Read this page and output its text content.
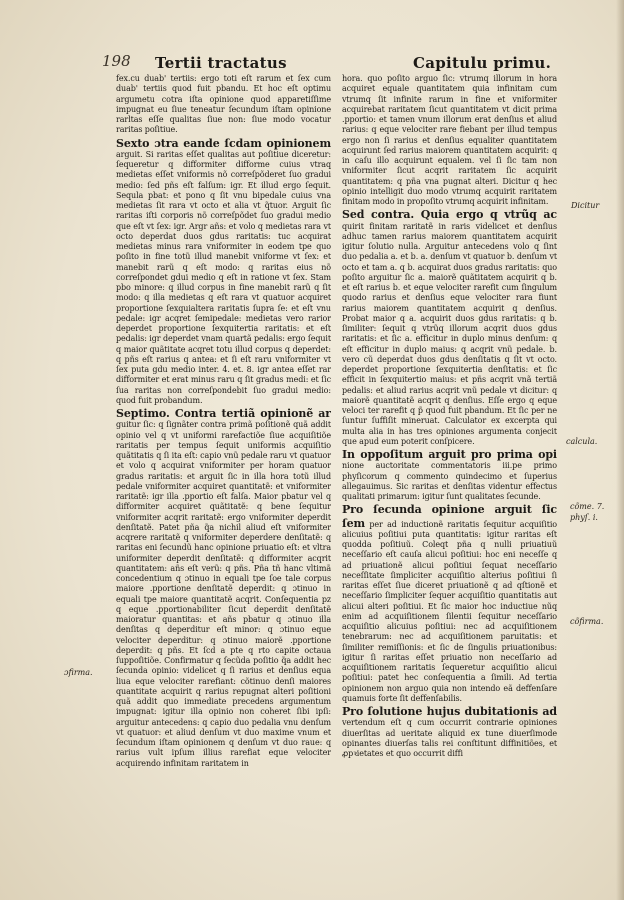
198 Tertii tractatus	Capitulu primu.

fex.cu duab' tertiis: ergo toti eſt rarum et ſex cum duab' tertiis quod fuit pbandu. Et hoc eſt optimu argumetu cotra iſta opinione quod apparetiſſime impugnat eu ſiue teneatur ſecundum iſtam opinione rarltas eſſe qualitas ſiue non: ſiue modo vocatur raritas poſitiue.

Sexto ɔtra eande ſcdam opinionem arguit. Si raritas eſſet qualitas aut poſitiue diceretur: ſequeretur q difformiter difforme cuius vtraq medietas eſſet vniformis nõ correſpõderet ſuo gradui medio: ſed pñs eſt falſum: igr. Et illud ergo ſequit. Sequla pbat: et pono q ſit vnu bipedale cuius vna medietas ſit rara vt octo et alia vt q̃tuor. Arguit ſic raritas iſti corporis nõ correſpõdet ſuo gradui medio que eſt vt ſex: igr. Argr añs: et volo q medietas rara vt octo deperdat duos gdus raritatis: tuc acquirat medietas minus rara vniformiter in eodem tpe quo poſito in fine totũ illud manebit vniforme vt ſex: et manebit rarũ q eſt modo: q raritas eius nõ correſpondet gdui medio q eſt in ratione vt ſex. Stam pbo minore: q illud corpus in fine manebit rarũ q ſit modo: q illa medietas q eſt rara vt quatuor acquiret proportione ſexquialtera raritatis ſupra ſe: et eſt vnu pedale: igr acqret ſemipedale: medietas vero rarior deperdet proportione ſexquitertia raritatis: et eſt pedalis: igr deperdet vnam quartã pedalis: ergo ſequit q maior quãtitate acqret totu illud corpus q deperdet: q pñs eſt rarius q antea: et ſi eſt raru vniformiter vt ſex puta gdu medio inter. 4. et. 8. igr antea eſſet rar difformiter et erat minus raru q ſit gradus medi: et ſic ſua raritas non correſpondebit ſuo gradui medio: quod fuit probandum.

Septimo. Contra tertiã opinionẽ ar guitur ſic: q ſignãter contra primã poſitionẽ quã addit opinio vel q vt uniformi rarefactiõe ſiue acquiſitiõe raritatis per tempus ſequit uniformis acquiſitio quãtitatis q ſi ita eſt: capio vnũ pedale raru vt quatuor et volo q acquirat vniformiter per horam quatuor gradus raritatis: et arguit ſic in illa hora totũ illud pedale vniformiter acquiret quantitatẽ: et vniformiter raritatẽ: igr illa .pportio eſt falſa. Maior pbatur vel q difformiter acquiret quãtitatẽ: q bene ſequitur vniformiter acqrit raritatẽ: ergo vniformiter deperdit denſitatẽ. Patet pña q̃a nichil aliud eſt vniformiter acqrere raritatẽ q vniformiter deperdere denſitatẽ: q raritas eni ſecundũ hanc opinione priuatio eſt: et vltra uniformiter deperdit denſitatẽ: q difformiter acqrit quantitatem: añs eſt verũ: q pñs. Pña tñ hanc vltimã concedentium q ɔtinuo in equali tpe ſoe tale corpus maiore .pportione denſitatẽ deperdit: q ɔtinuo in equali tpe maiore quantitatẽ acqrit. Conſequentia pz q eque .pportionabiliter ſicut deperdit denſitatẽ maioratur quantitas: et añs pbatur q ɔtinuo illa denſitas q deperditur eſt minor: q ɔtinuo eque velociter deperditur: q ɔtinuo maiorẽ .pportione deperdit: q pñs. Et ſcd a pte q rto capite octaua ſuppoſitiõe. Confirmatur q ſecũda poſitio q̃a addit hec ſecunda opinio: videlicet q ſi rarius et denſius equa liua eque velociter rarefiant: cõtinuo denſi maiores quantitate acquirit q rarius repugnat alteri poſitioni quã addit quo immediate precedens argumentum impugnat: igitur illa opinio non coheret ſibi ipſi: arguitur antecedens: q capio duo pedalia vnu denſum vt quatuor: et aliud denſum vt duo maxime vnum et ſecundum iſtam opinionem q denſum vt duo raue: q rarius vult ipſum illius rarefiat eque velociter acquirendo infinitam raritatem in

hora. quo poſito arguo ſic: vtrumq illorum in hora acquiret equale quantitatem quia infinitam cum vtrumq ſit infinite rarum in fine et vniformiter acquirebat raritatem ſicut quantitatem vt dicit prima .pportio: et tamen vnum illorum erat denſius et aliud rarius: q eque velociter rare fiebant per illud tempus ergo non ſi rarius et denſius equaliter quantitatem acquirunt ſed rarius maiorem quantitatem acquirit: q in caſu illo acquirunt equalem. vel ſi ſic tam non vniformiter ſicut acqrit raritatem ſic acquirit quantitatem: q pña vna pugnat alteri. Dicitur q hec opinio intelligit duo modo vtrumq acquirit raritatem finitam modo in propoſito vtrumq acquirit infinitam.

Sed contra. Quia ergo q vtrũq ac quirit finitam raritatẽ in raris videlicet et denſius adhuc tamen rarius maiorem quantitatem acquirit igitur ſolutio nulla. Arguitur antecedens volo q ſint duo pedalia a. et b. a. denſum vt quatuor b. denſum vt octo et tam a. q b. acquirat duos gradus raritatis: quo poſito arguitur ſic a. maiorẽ quãtitatem acquirit q b. et eſt rarius b. et eque velociter rarefit cum ſingulum quodo rarius et denſius eque velociter rara fiunt rarius maiorem quantitatem acquirit q denſius. Probat maior q a. acquirit duos gdus raritatis: q b. ſimiliter: ſequit q vtrũq illorum acqrit duos gdus raritatis: et ſic a. efficitur in duplo minus denſum: q eſt efficitur in duplo maius: q acqrit vnũ pedale. b. vero cũ deperdat duos gdus denſitatis q ſit vt octo. deperdet proportione ſexquitertia denſitatis: et ſic efficit in ſexquitertio maius: et pñs acqrit vnã tertiã pedalis: et aliud rarius acqrit vnũ pedale vt dicitur: q maiorẽ quantitatẽ acqrit q denſius. Eſſe ergo q eque veloci ter rarefit q p̃ quod fuit pbandum. Et ſic per ne ſuntur ſuffiſit mineruat. Calculator ex excerpta qui multa alia in has tres opiniones argumenta conjecit que apud eum poterit conſpicere.

In oppoſitum arguit pro prima opi nione auctoritate commentatoris iii.pe primo phyſicorum q commento quindecimo et ſuperius allegauimus. Sic raritas et denſitas videntur effectus qualitati primarum: igitur ſunt qualitates ſecunde.

Pro ſecunda opinione arguit ſic ſem per ad inductionẽ raritatis ſequitur acquiſitio alicuius poſitiui puta quantitatis: igitur raritas eſt quodda poſitiuũ. Coleqt pña q nulli priuatiuũ neceſſario eſt cauſa alicui poſitiui: hoc eni neceſſe q ad priuationẽ alicui poſitiui ſequat neceſſario neceſſitate ſimpliciter acquiſitio alterius poſitiui ſi raritas eſſet ſiue diceret priuationẽ q ad qſtionẽ et neceſſario ſimpliciter ſequer acquiſitio quantitatis aut alicui alteri poſitiui. Et ſic maior hoc inductiue nũq enim ad acquiſitionem ſilentii ſequitur neceſſario acquiſitio alicuius poſitiui: nec ad acquiſitionem tenebrarum: nec ad acquiſitionem paruitatis: et ſimiliter remiſſionis: et ſic de ſingulis priuationibus: igitur ſi raritas eſſet priuatio non neceſſario ad acquiſitionem raritatis ſequeretur acquiſitio alicui poſitiui: patet hec conſequentia a ſimili. Ad tertia opinionem non arguo quia non intendo eã deffenſare quamuis forte ſit deffenſabilis.

Pro ſolutione hujus dubitationis ad vertendum eſt q cum occurrit contrarie opiniones diuerſitas ad ueritate aliquid ex tune diuerſimode opinantes diuerſas talis rei conſtitunt diffinitiões, et ꝓpꝛietates et quo occurrit diffi

Dicitur
calcula.
cõme. 7.
phyſ. i.
cõfirma.
ɔfirma.
